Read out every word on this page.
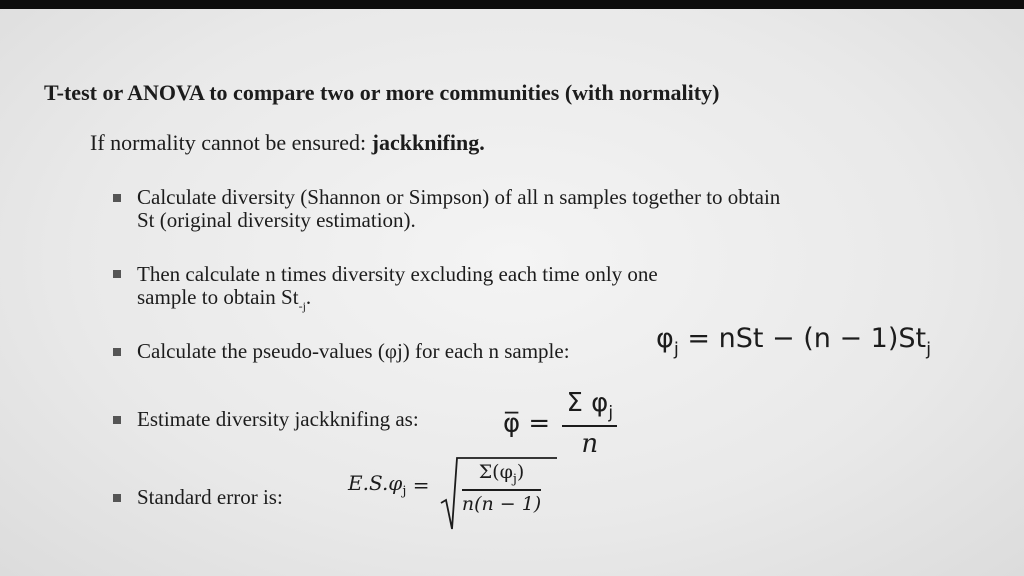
T-test or ANOVA to compare two or more communities (with normality)
If normality cannot be ensured: jackknifing.
Calculate diversity (Shannon or Simpson) of all n samples together to obtain
St (original diversity estimation).
Then calculate n times diversity excluding each time only one
sample to obtain $St_{-j}$.
Calculate the pseudo-values (φj) for each n sample:	$\varphi_j$ = nSt − $(n - 1)St_j$
Estimate diversity jackknifing as:	φ̅ = $\frac{\Sigma \varphi_j}{n}$
Standard error is:
$E.S.\varphi_j = \frac{\Sigma(\varphi_j)}{n(n - 1)}$
